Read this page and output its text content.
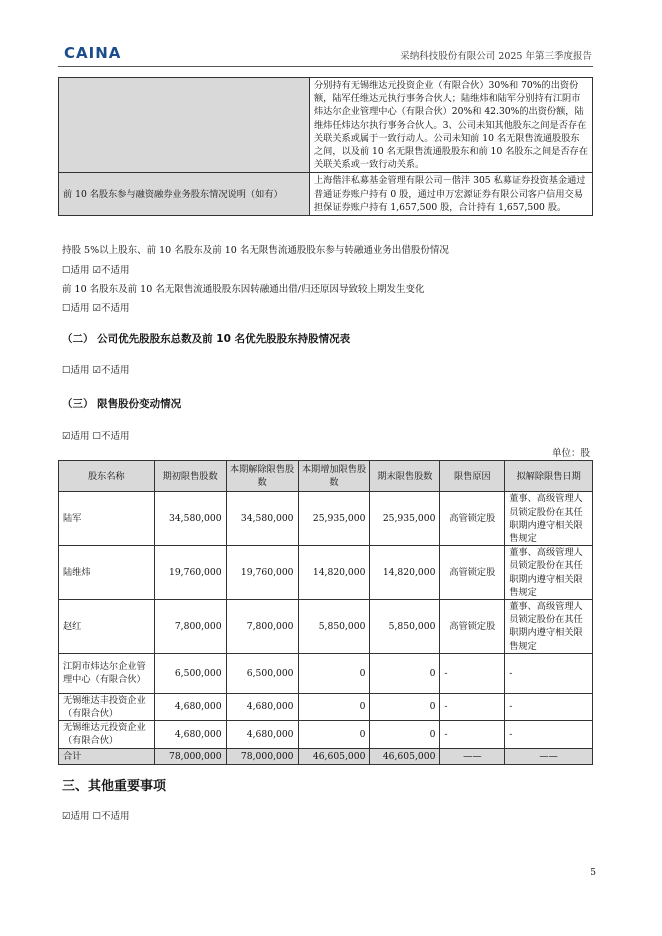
CAINA	采纳科技股份有限公司 2025 年第三季度报告
	分别持有无锡维达元投资企业（有限合伙）30%和 70%的出资份额，陆军任维达元执行事务合伙人；陆维炜和陆军分别持有江阴市炜达尔企业管理中心（有限合伙）20%和 42.30%的出资份额，陆维炜任炜达尔执行事务合伙人。3、公司未知其他股东之间是否存在关联关系或属于一致行动人。公司未知前 10 名无限售流通股股东之间，以及前 10 名无限售流通股股东和前 10 名股东之间是否存在关联关系或一致行动关系。
前 10 名股东参与融资融券业务股东情况说明（如有）	上海偕沣私募基金管理有限公司－偕沣 305 私募证券投资基金通过普通证券账户持有 0 股，通过申万宏源证券有限公司客户信用交易担保证券账户持有 1,657,500 股，合计持有 1,657,500 股。
持股 5%以上股东、前 10 名股东及前 10 名无限售流通股股东参与转融通业务出借股份情况
☐适用 ☑不适用
前 10 名股东及前 10 名无限售流通股股东因转融通出借/归还原因导致较上期发生变化
☐适用 ☑不适用
（二） 公司优先股股东总数及前 10 名优先股股东持股情况表
☐适用 ☑不适用
（三） 限售股份变动情况
☑适用 ☐不适用
单位：股
股东名称	期初限售股数	本期解除限售股数	本期增加限售股数	期末限售股数	限售原因	拟解除限售日期
陆军	34,580,000	34,580,000	25,935,000	25,935,000	高管锁定股	董事、高级管理人员锁定股份在其任职期内遵守相关限售规定
陆维炜	19,760,000	19,760,000	14,820,000	14,820,000	高管锁定股	董事、高级管理人员锁定股份在其任职期内遵守相关限售规定
赵红	7,800,000	7,800,000	5,850,000	5,850,000	高管锁定股	董事、高级管理人员锁定股份在其任职期内遵守相关限售规定
江阴市炜达尔企业管理中心（有限合伙）	6,500,000	6,500,000	0	0	-	-
无锡维达丰投资企业 （有限合伙）	4,680,000	4,680,000	0	0	-	-
无锡维达元投资企业 （有限合伙）	4,680,000	4,680,000	0	0	-	-
合计	78,000,000	78,000,000	46,605,000	46,605,000	——	——
三、其他重要事项
☑适用 ☐不适用
5
